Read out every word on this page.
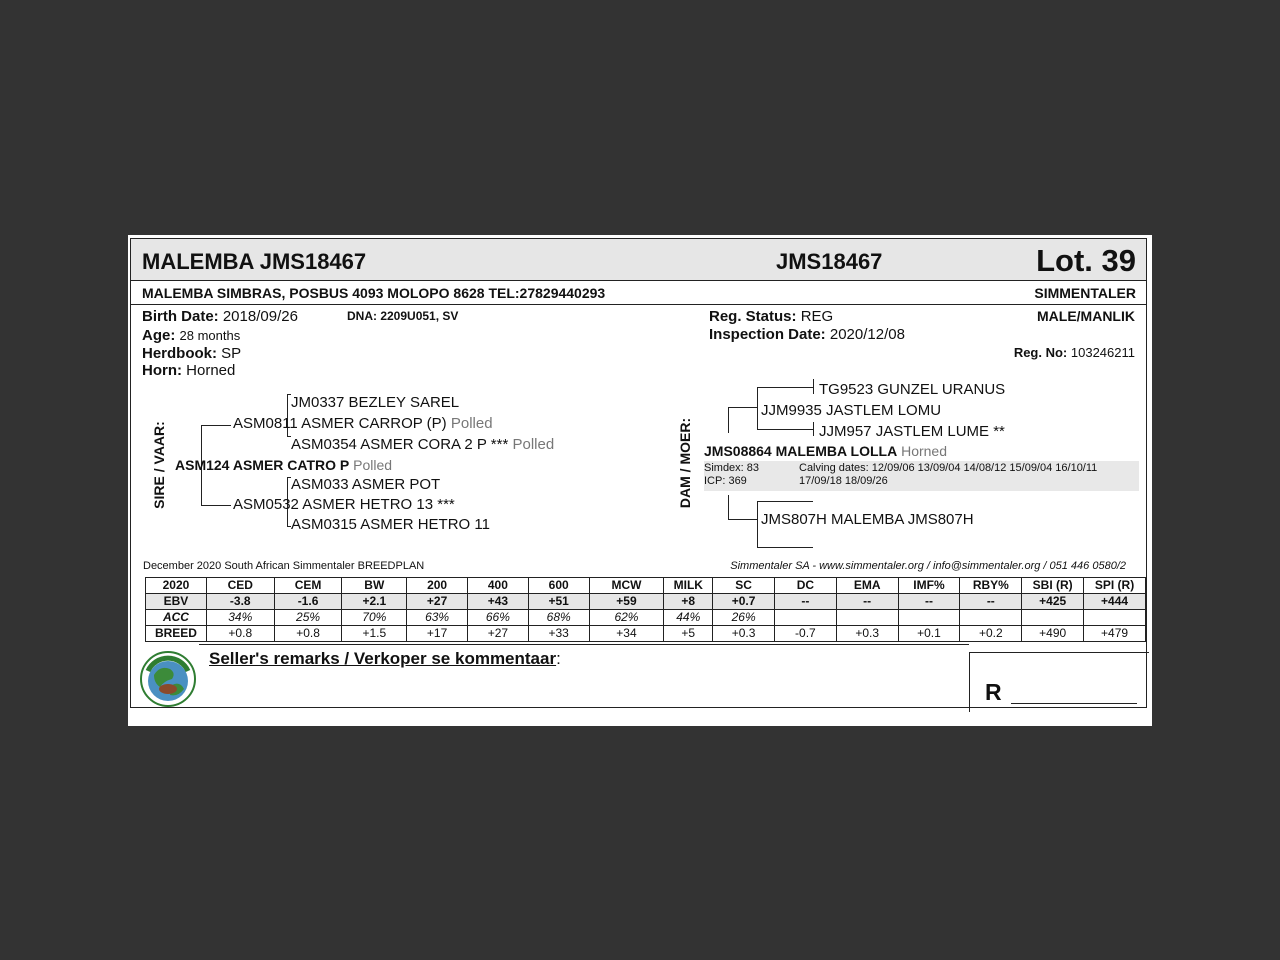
MALEMBA JMS18467	JMS18467	Lot. 39
MALEMBA SIMBRAS, POSBUS 4093 MOLOPO 8628 TEL:27829440293	SIMMENTALER
Birth Date: 2018/09/26	DNA: 2209U051, SV
Age: 28 months
Herdbook: SP
Horn: Horned
Reg. Status: REG
Inspection Date: 2020/12/08
MALE/MANLIK
Reg. No: 103246211
SIRE / VAAR:
JM0337 BEZLEY SAREL
ASM0811 ASMER CARROP (P) Polled
ASM0354 ASMER CORA 2 P *** Polled
ASM124 ASMER CATRO P Polled
ASM033 ASMER POT
ASM0532 ASMER HETRO 13 ***
ASM0315 ASMER HETRO 11
DAM / MOER:
TG9523 GUNZEL URANUS
JJM9935 JASTLEM LOMU
JJM957 JASTLEM LUME **
JMS08864 MALEMBA LOLLA Horned
Simdex: 83
ICP: 369
Calving dates: 12/09/06 13/09/04 14/08/12 15/09/04 16/10/11
17/09/18 18/09/26
JMS807H MALEMBA JMS807H
December 2020 South African Simmentaler BREEDPLAN	Simmentaler SA - www.simmentaler.org / info@simmentaler.org / 051 446 0580/2
2020	CED	CEM	BW	200	400	600	MCW	MILK	SC	DC	EMA	IMF%	RBY%	SBI (R)	SPI (R)
EBV	-3.8	-1.6	+2.1	+27	+43	+51	+59	+8	+0.7	--	--	--	--	+425	+444
ACC	34%	25%	70%	63%	66%	68%	62%	44%	26%						
BREED	+0.8	+0.8	+1.5	+17	+27	+33	+34	+5	+0.3	-0.7	+0.3	+0.1	+0.2	+490	+479
Seller's remarks / Verkoper se kommentaar:
R
